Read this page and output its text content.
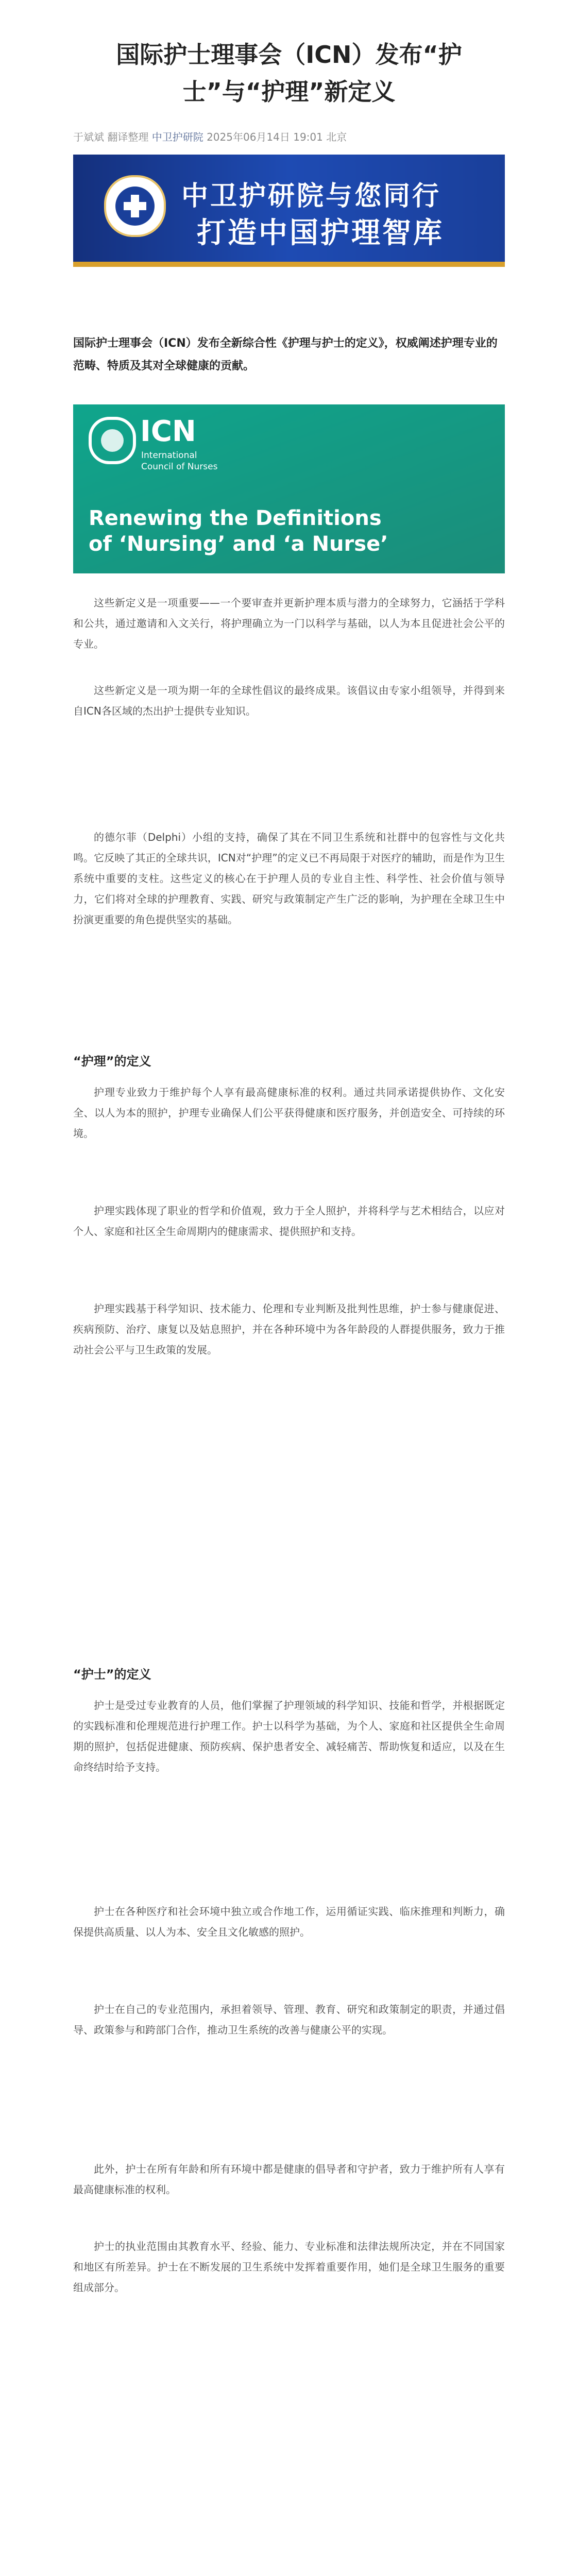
国际护士理事会（ICN）发布“护士”与“护理”新定义
于斌斌 翻译整理 中卫护研院 2025年06月14日 19:01 北京
中卫护研院与您同行
打造中国护理智库
国际护士理事会（ICN）发布全新综合性《护理与护士的定义》，权威阐述护理专业的范畴、特质及其对全球健康的贡献。
ICN
International
Council of Nurses
Renewing the Definitions
of ‘Nursing’ and ‘a Nurse’
这些新定义是一项重要——一个要审查并更新护理本质与潜力的全球努力，它涵括于学科和公共，通过邀请和入文关行，将护理确立为一门以科学与基础，以人为本且促进社会公平的专业。
这些新定义是一项为期一年的全球性倡议的最终成果。该倡议由专家小组领导，并得到来自ICN各区域的杰出护士提供专业知识。
的德尔菲（Delphi）小组的支持，确保了其在不同卫生系统和社群中的包容性与文化共鸣。它反映了其正的全球共识，ICN对“护理”的定义已不再局限于对医疗的辅助，而是作为卫生系统中重要的支柱。这些定义的核心在于护理人员的专业自主性、科学性、社会价值与领导力，它们将对全球的护理教育、实践、研究与政策制定产生广泛的影响，为护理在全球卫生中扮演更重要的角色提供坚实的基础。
“护理”的定义
护理专业致力于维护每个人享有最高健康标准的权利。通过共同承诺提供协作、文化安全、以人为本的照护，护理专业确保人们公平获得健康和医疗服务，并创造安全、可持续的环境。
护理实践体现了职业的哲学和价值观，致力于全人照护，并将科学与艺术相结合，以应对个人、家庭和社区全生命周期内的健康需求、提供照护和支持。
护理实践基于科学知识、技术能力、伦理和专业判断及批判性思维，护士参与健康促进、疾病预防、治疗、康复以及姑息照护，并在各种环境中为各年龄段的人群提供服务，致力于推动社会公平与卫生政策的发展。
“护士”的定义
护士是受过专业教育的人员，他们掌握了护理领域的科学知识、技能和哲学，并根据既定的实践标准和伦理规范进行护理工作。护士以科学为基础，为个人、家庭和社区提供全生命周期的照护，包括促进健康、预防疾病、保护患者安全、减轻痛苦、帮助恢复和适应，以及在生命终结时给予支持。
护士在各种医疗和社会环境中独立或合作地工作，运用循证实践、临床推理和判断力，确保提供高质量、以人为本、安全且文化敏感的照护。
护士在自己的专业范围内，承担着领导、管理、教育、研究和政策制定的职责，并通过倡导、政策参与和跨部门合作，推动卫生系统的改善与健康公平的实现。
此外，护士在所有年龄和所有环境中都是健康的倡导者和守护者，致力于维护所有人享有最高健康标准的权利。
护士的执业范围由其教育水平、经验、能力、专业标准和法律法规所决定，并在不同国家和地区有所差异。护士在不断发展的卫生系统中发挥着重要作用，她们是全球卫生服务的重要组成部分。
